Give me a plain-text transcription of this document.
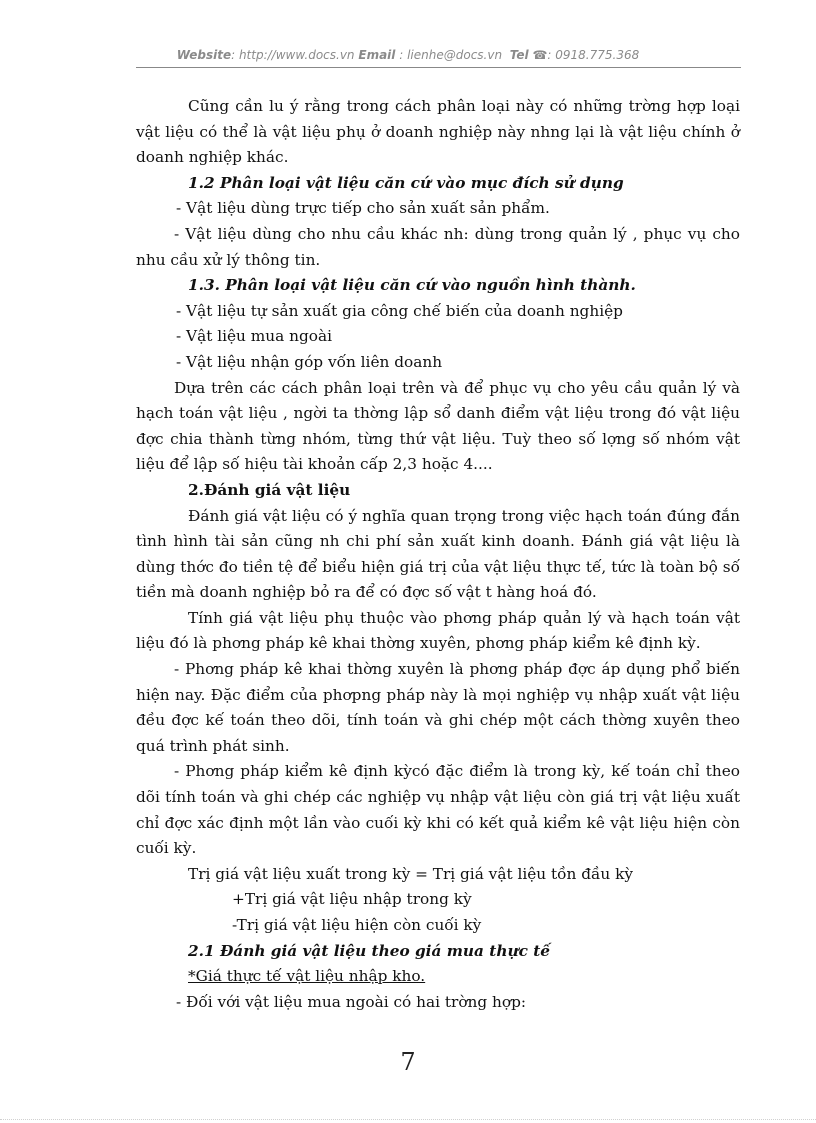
Website: http://www.docs.vn Email : lienhe@docs.vn Tel ☎: 0918.775.368

Cũng cần lu ý rằng trong cách phân loại này có những trờng hợp loại vật liệu có thể là vật liệu phụ ở doanh nghiệp này nhng lại là vật liệu chính ở doanh nghiệp khác.

1.2 Phân loại vật liệu căn cứ vào mục đích sử dụng

- Vật liệu dùng trực tiếp cho sản xuất sản phẩm.

- Vật liệu dùng cho nhu cầu khác nh: dùng trong quản lý , phục vụ cho nhu cầu xử lý thông tin.

1.3. Phân loại vật liệu căn cứ vào nguồn hình thành.

- Vật liệu tự sản xuất gia công chế biến của doanh nghiệp

- Vật liệu mua ngoài

- Vật liệu nhận góp vốn liên doanh

Dựa trên các cách phân loại trên và để phục vụ cho yêu cầu quản lý và hạch toán vật liệu , ngời ta thờng lập sổ danh điểm vật liệu trong đó vật liệu đợc chia thành từng nhóm, từng thứ vật liệu. Tuỳ theo số lợng số nhóm vật liệu để lập số hiệu tài khoản cấp 2,3 hoặc 4....

2.Đánh giá vật liệu

Đánh giá vật liệu có ý nghĩa quan trọng trong việc hạch toán đúng đắn tình hình tài sản cũng nh chi phí sản xuất kinh doanh. Đánh giá vật liệu là dùng thớc đo tiền tệ để biểu hiện giá trị của vật liệu thực tế, tức là toàn bộ số tiền mà doanh nghiệp bỏ ra để có đợc số vật t hàng hoá đó.

Tính giá vật liệu phụ thuộc vào phơng pháp quản lý và hạch toán vật liệu đó là phơng pháp kê khai thờng xuyên, phơng pháp kiểm kê định kỳ.

- Phơng pháp kê khai thờng xuyên là phơng pháp đợc áp dụng phổ biến hiện nay. Đặc điểm của phơpng pháp này là mọi nghiệp vụ nhập xuất vật liệu đều đợc kế toán theo dõi, tính toán và ghi chép một cách thờng xuyên theo quá trình phát sinh.

- Phơng pháp kiểm kê định kỳcó đặc điểm là trong kỳ, kế toán chỉ theo dõi tính toán và ghi chép các nghiệp vụ nhập vật liệu còn giá trị vật liệu xuất chỉ đợc xác định một lần vào cuối kỳ khi có kết quả kiểm kê vật liệu hiện còn cuối kỳ.

Trị giá vật liệu xuất trong kỳ = Trị giá vật liệu tồn đầu kỳ

+Trị giá vật liệu nhập trong kỳ

-Trị giá vật liệu hiện còn cuối kỳ

2.1 Đánh giá vật liệu theo giá mua thực tế

*Giá thực tế vật liệu nhập kho.

- Đối với vật liệu mua ngoài có hai trờng hợp:

7
